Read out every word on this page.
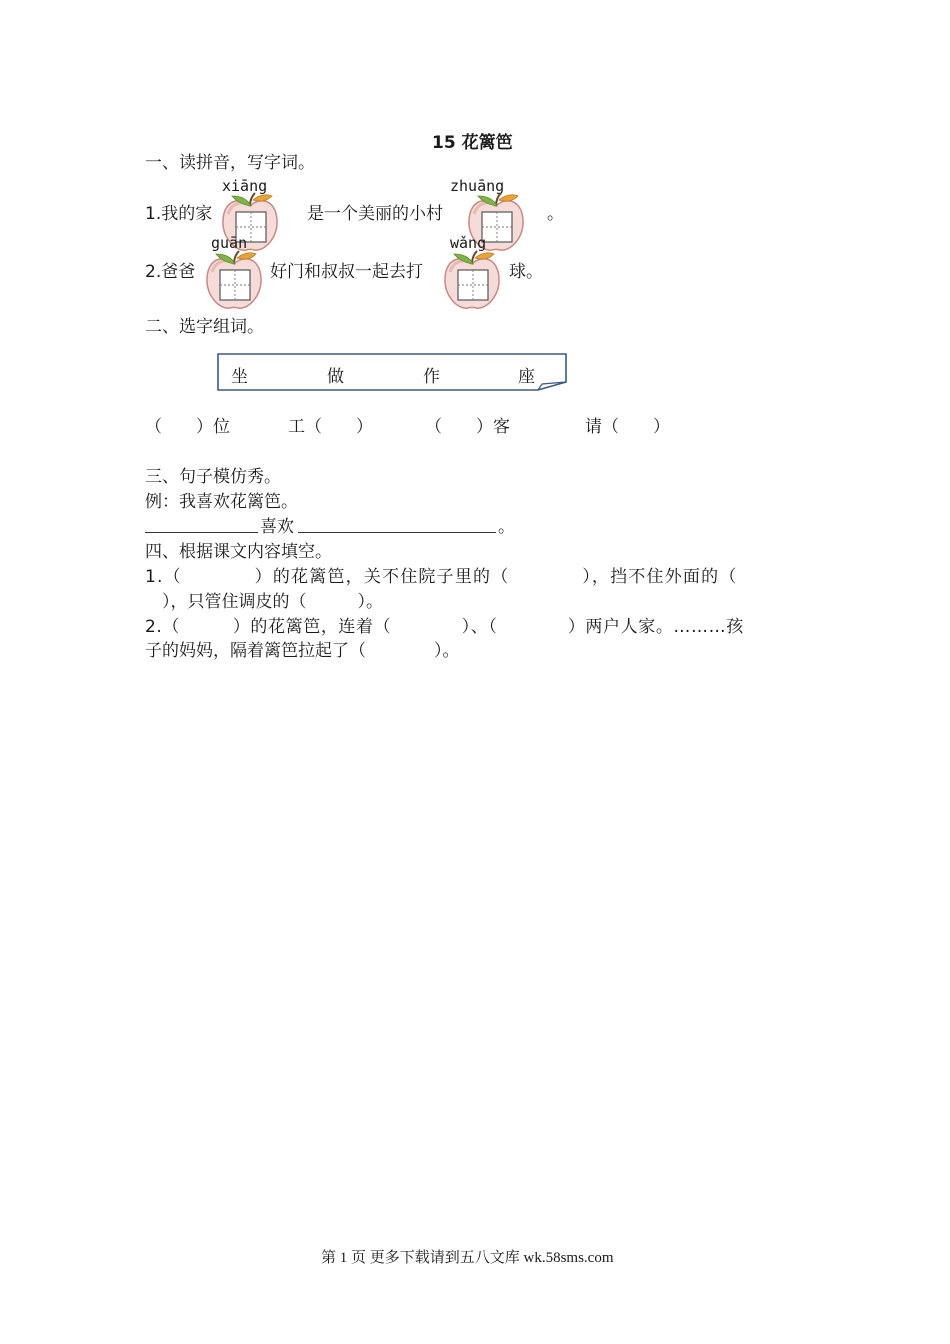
15 花篱笆
一、读拼音，写字词。
xiāng	zhuāng
1.我的家	是一个美丽的小村	。
guān	wǎng
2.爸爸	好门和叔叔一起去打	球。
二、选字组词。
坐	做	作	座
（　　）位	工（　　）	（　　）客	请（　　）
三、句子模仿秀。
例：我喜欢花篱笆。
喜欢	。
四、根据课文内容填空。
1.（　　　　）的花篱笆，关不住院子里的（　　　　），挡不住外面的（
　），只管住调皮的（　　　）。
2.（　　　）的花篱笆，连着（　　　　）、（　　　　）两户人家。………孩
子的妈妈，隔着篱笆拉起了（　　　　）。
第 1 页 更多下载请到五八文库 wk.58sms.com
